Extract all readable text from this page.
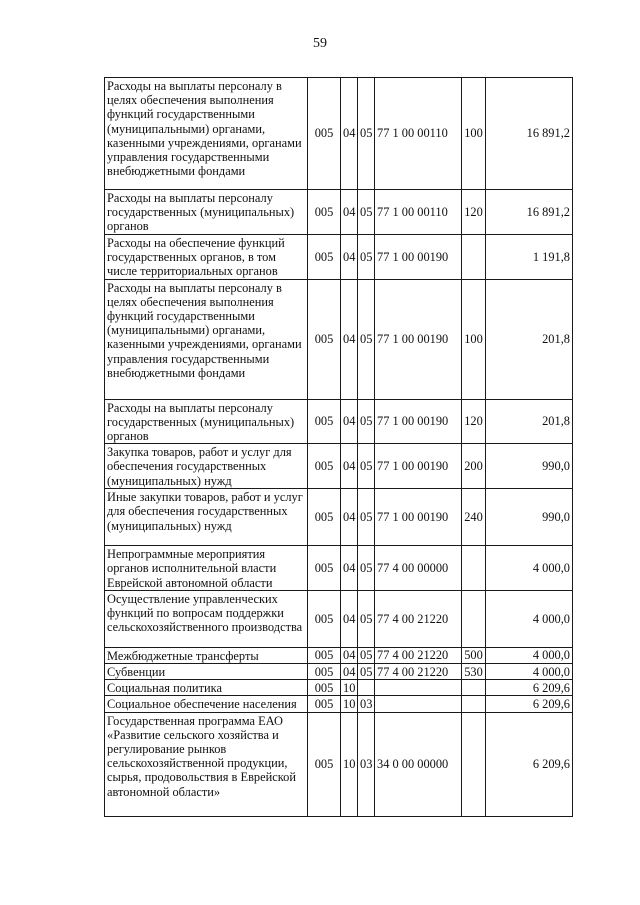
59
Расходы на выплаты персоналу в целях обеспечения выполнения функций государственными (муниципальными) органами, казенными учреждениями, органами управления государственными внебюджетными фондами	005	04	05	77 1 00 00110	100	16 891,2
Расходы на выплаты персоналу государственных (муниципальных) органов	005	04	05	77 1 00 00110	120	16 891,2
Расходы на обеспечение функций государственных органов, в том числе территориальных органов	005	04	05	77 1 00 00190		1 191,8
Расходы на выплаты персоналу в целях обеспечения выполнения функций государственными (муниципальными) органами, казенными учреждениями, органами управления государственными внебюджетными фондами	005	04	05	77 1 00 00190	100	201,8
Расходы на выплаты персоналу государственных (муниципальных) органов	005	04	05	77 1 00 00190	120	201,8
Закупка товаров, работ и услуг для обеспечения государственных (муниципальных) нужд	005	04	05	77 1 00 00190	200	990,0
Иные закупки товаров, работ и услуг для обеспечения государственных (муниципальных) нужд	005	04	05	77 1 00 00190	240	990,0
Непрограммные мероприятия органов исполнительной власти Еврейской автономной области	005	04	05	77 4 00 00000		4 000,0
Осуществление управленческих функций по вопросам поддержки сельскохозяйственного производства	005	04	05	77 4 00 21220		4 000,0
Межбюджетные трансферты	005	04	05	77 4 00 21220	500	4 000,0
Субвенции	005	04	05	77 4 00 21220	530	4 000,0
Социальная политика	005	10				6 209,6
Социальное обеспечение населения	005	10	03			6 209,6
Государственная программа ЕАО «Развитие сельского хозяйства и регулирование рынков сельскохозяйственной продукции, сырья, продовольствия в Еврейской автономной области»	005	10	03	34 0 00 00000		6 209,6
